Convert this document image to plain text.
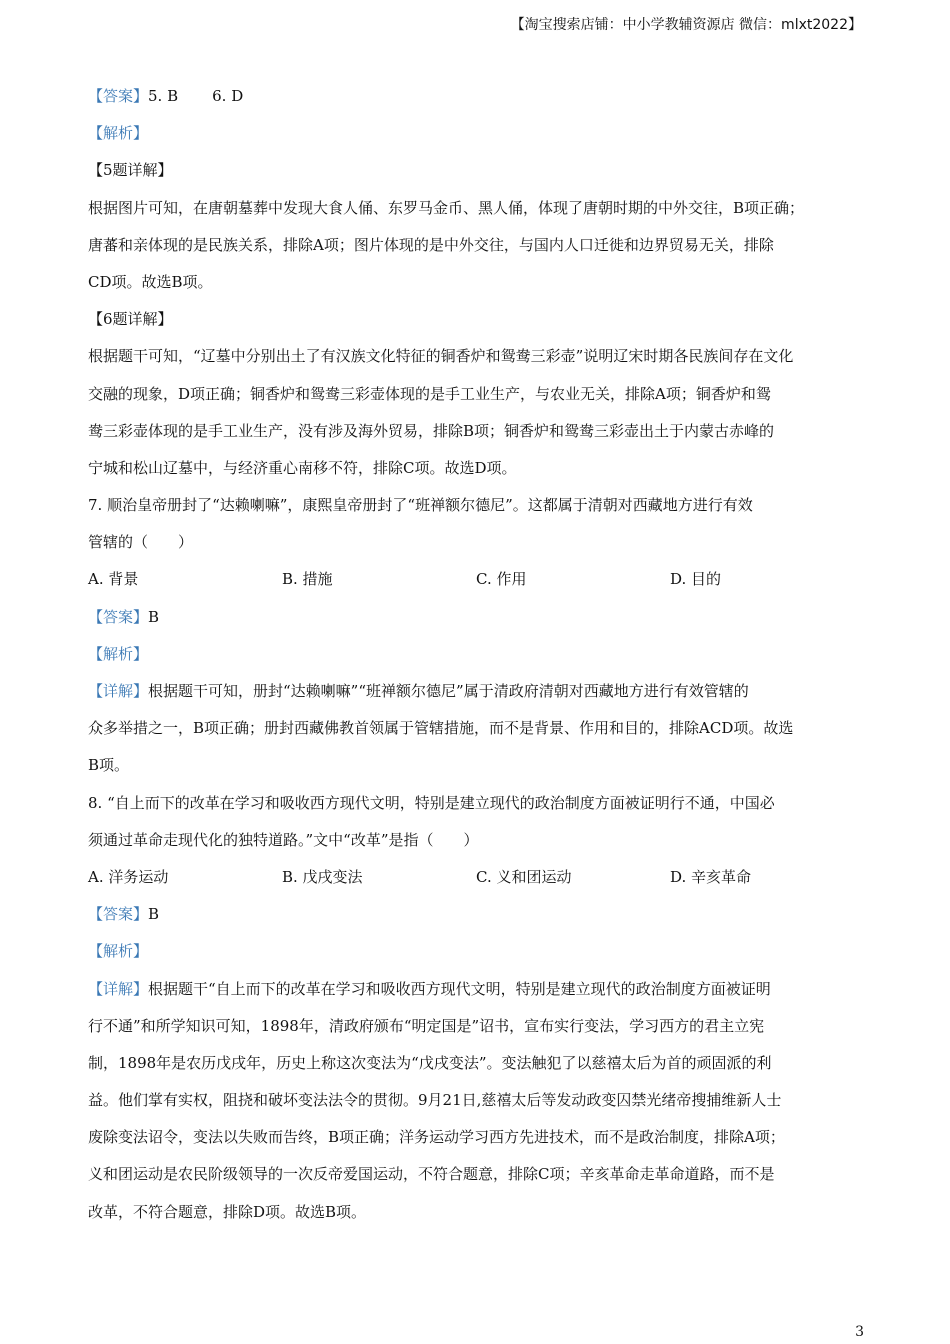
【淘宝搜索店铺：中小学教辅资源店 微信：mlxt2022】
【答案】5. B 6. D
【解析】
【5题详解】
根据图片可知，在唐朝墓葬中发现大食人俑、东罗马金币、黑人俑，体现了唐朝时期的中外交往，B项正确；
唐蕃和亲体现的是民族关系，排除A项；图片体现的是中外交往，与国内人口迁徙和边界贸易无关，排除
CD项。故选B项。
【6题详解】
根据题干可知，“辽墓中分别出土了有汉族文化特征的铜香炉和鸳鸯三彩壶”说明辽宋时期各民族间存在文化
交融的现象，D项正确；铜香炉和鸳鸯三彩壶体现的是手工业生产，与农业无关，排除A项；铜香炉和鸳
鸯三彩壶体现的是手工业生产，没有涉及海外贸易，排除B项；铜香炉和鸳鸯三彩壶出土于内蒙古赤峰的
宁城和松山辽墓中，与经济重心南移不符，排除C项。故选D项。
7. 顺治皇帝册封了“达赖喇嘛”，康熙皇帝册封了“班禅额尔德尼”。这都属于清朝对西藏地方进行有效
管辖的（　　）
A. 背景	B. 措施	C. 作用	D. 目的
【答案】B
【解析】
【详解】根据题干可知，册封“达赖喇嘛”“班禅额尔德尼”属于清政府清朝对西藏地方进行有效管辖的
众多举措之一，B项正确；册封西藏佛教首领属于管辖措施，而不是背景、作用和目的，排除ACD项。故选
B项。
8. “自上而下的改革在学习和吸收西方现代文明，特别是建立现代的政治制度方面被证明行不通，中国必
须通过革命走现代化的独特道路。”文中“改革”是指（　　）
A. 洋务运动	B. 戊戌变法	C. 义和团运动	D. 辛亥革命
【答案】B
【解析】
【详解】根据题干“自上而下的改革在学习和吸收西方现代文明，特别是建立现代的政治制度方面被证明
行不通”和所学知识可知，1898年，清政府颁布“明定国是”诏书，宣布实行变法，学习西方的君主立宪
制，1898年是农历戊戌年，历史上称这次变法为“戊戌变法”。变法触犯了以慈禧太后为首的顽固派的利
益。他们掌有实权，阻挠和破坏变法法令的贯彻。9月21日,慈禧太后等发动政变囚禁光绪帝搜捕维新人士
废除变法诏令，变法以失败而告终，B项正确；洋务运动学习西方先进技术，而不是政治制度，排除A项；
义和团运动是农民阶级领导的一次反帝爱国运动，不符合题意，排除C项；辛亥革命走革命道路，而不是
改革，不符合题意，排除D项。故选B项。
3
